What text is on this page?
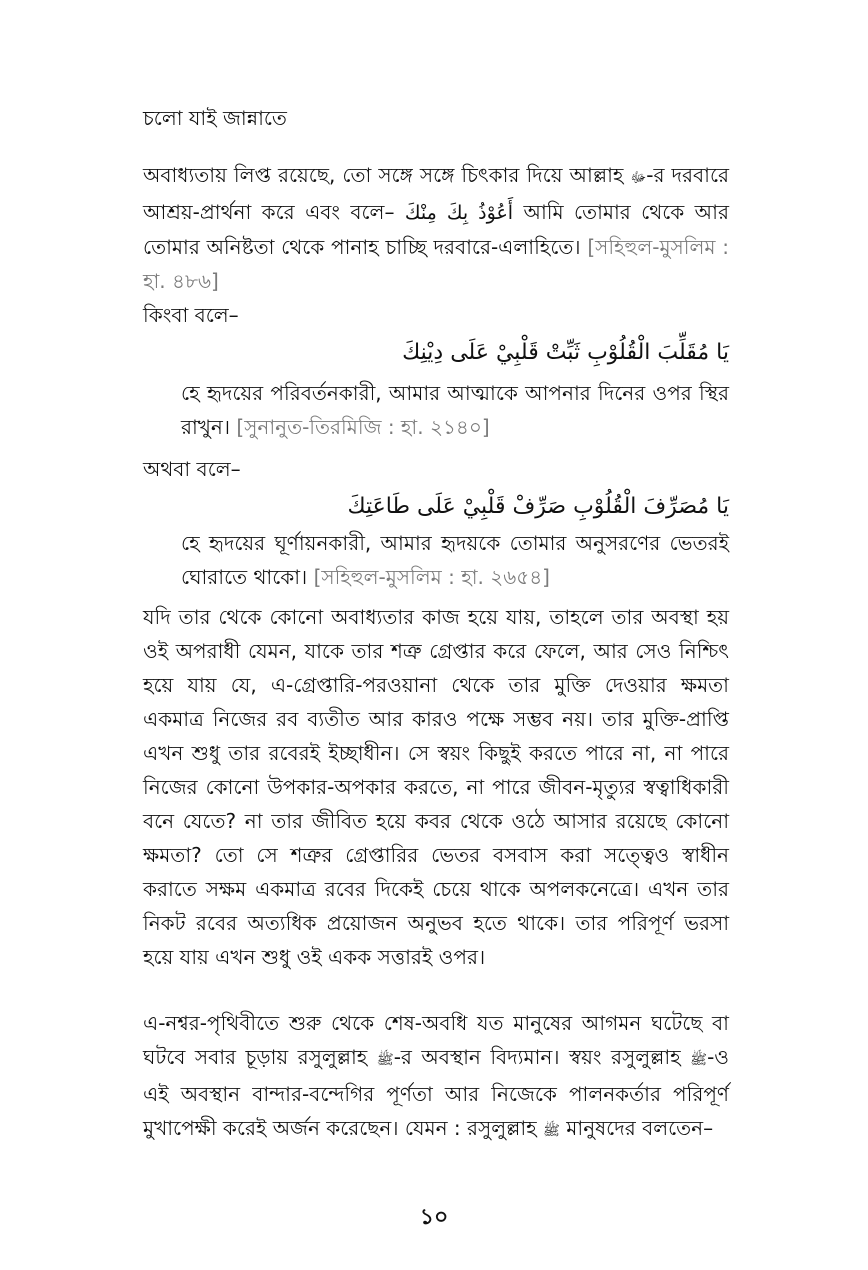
চলো যাই জান্নাতে
অবাধ্যতায় লিপ্ত রয়েছে, তো সঙ্গে সঙ্গে চিৎকার দিয়ে আল্লাহ ﷻ-র দরবারে আশ্রয়-প্রার্থনা করে এবং বলে– أَعُوْذُ بِكَ مِنْكَ আমি তোমার থেকে আর তোমার অনিষ্টতা থেকে পানাহ চাচ্ছি দরবারে-এলাহিতে। [সহিহুল-মুসলিম : হা. ৪৮৬]
কিংবা বলে–
يَا مُقَلِّبَ الْقُلُوْبِ ثَبِّتْ قَلْبِيْ عَلَى دِيْنِكَ
হে হৃদয়ের পরিবর্তনকারী, আমার আত্মাকে আপনার দিনের ওপর স্থির রাখুন। [সুনানুত-তিরমিজি : হা. ২১৪০]
অথবা বলে–
يَا مُصَرِّفَ الْقُلُوْبِ صَرِّفْ قَلْبِيْ عَلَى طَاعَتِكَ
হে হৃদয়ের ঘূর্ণায়নকারী, আমার হৃদয়কে তোমার অনুসরণের ভেতরই ঘোরাতে থাকো। [সহিহুল-মুসলিম : হা. ২৬৫৪]
যদি তার থেকে কোনো অবাধ্যতার কাজ হয়ে যায়, তাহলে তার অবস্থা হয় ওই অপরাধী যেমন, যাকে তার শত্রু গ্রেপ্তার করে ফেলে, আর সেও নিশ্চিৎ হয়ে যায় যে, এ-গ্রেপ্তারি-পরওয়ানা থেকে তার মুক্তি দেওয়ার ক্ষমতা একমাত্র নিজের রব ব্যতীত আর কারও পক্ষে সম্ভব নয়। তার মুক্তি-প্রাপ্তি এখন শুধু তার রবেরই ইচ্ছাধীন। সে স্বয়ং কিছুই করতে পারে না, না পারে নিজের কোনো উপকার-অপকার করতে, না পারে জীবন-মৃত্যুর স্বত্বাধিকারী বনে যেতে? না তার জীবিত হয়ে কবর থেকে ওঠে আসার রয়েছে কোনো ক্ষমতা? তো সে শত্রুর গ্রেপ্তারির ভেতর বসবাস করা সত্ত্বেও স্বাধীন করাতে সক্ষম একমাত্র রবের দিকেই চেয়ে থাকে অপলকনেত্রে। এখন তার নিকট রবের অত্যধিক প্রয়োজন অনুভব হতে থাকে। তার পরিপূর্ণ ভরসা হয়ে যায় এখন শুধু ওই একক সত্তারই ওপর।
এ-নশ্বর-পৃথিবীতে শুরু থেকে শেষ-অবধি যত মানুষের আগমন ঘটেছে বা ঘটবে সবার চূড়ায় রসুলুল্লাহ ﷺ-র অবস্থান বিদ্যমান। স্বয়ং রসুলুল্লাহ ﷺ-ও এই অবস্থান বান্দার-বন্দেগির পূর্ণতা আর নিজেকে পালনকর্তার পরিপূর্ণ মুখাপেক্ষী করেই অর্জন করেছেন। যেমন : রসুলুল্লাহ ﷺ মানুষদের বলতেন–
১০
